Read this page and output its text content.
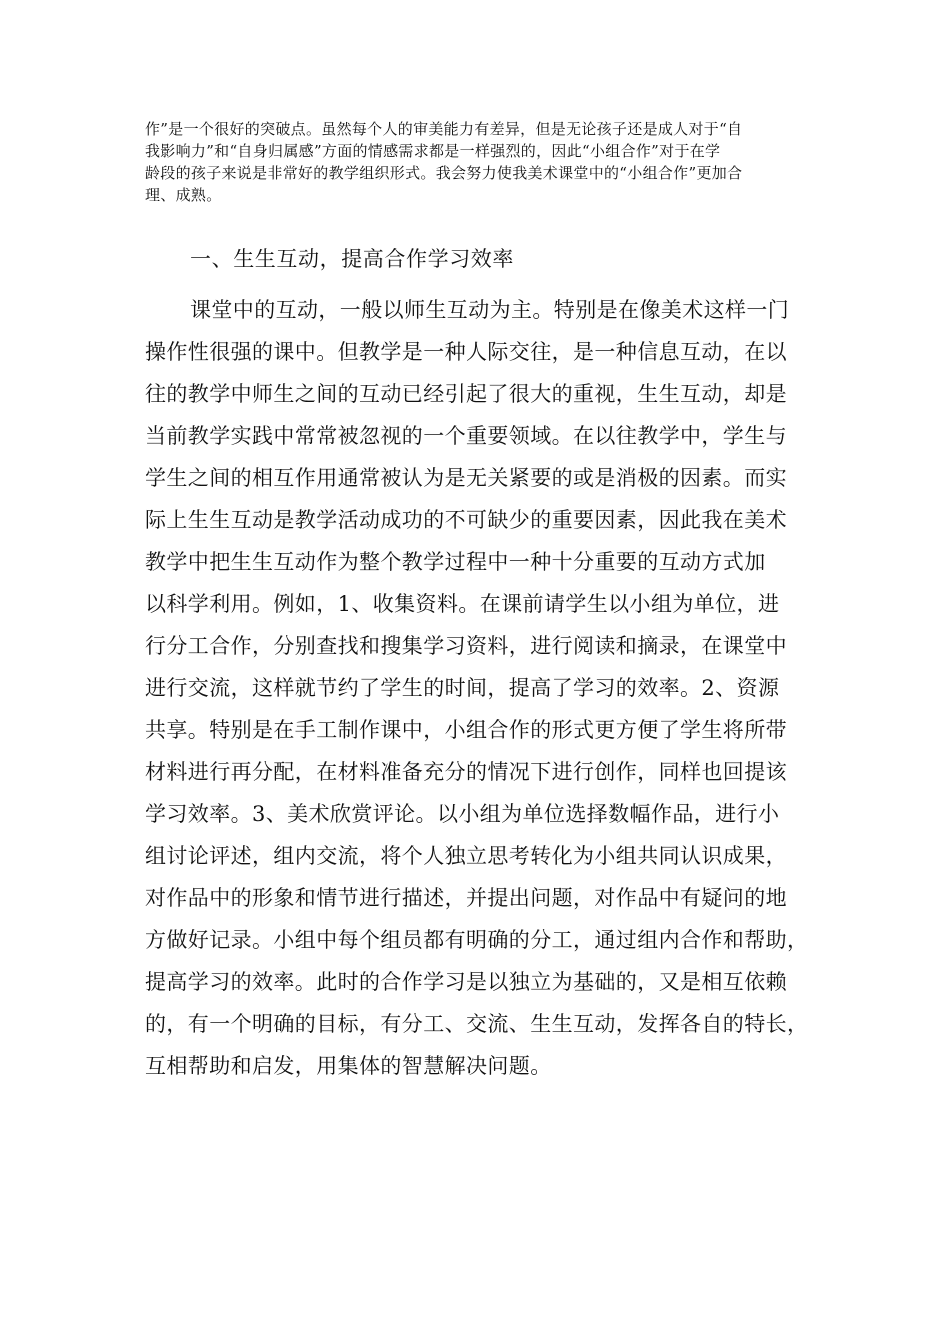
作”是一个很好的突破点。虽然每个人的审美能力有差异，但是无论孩子还是成人对于“自
我影响力”和“自身归属感”方面的情感需求都是一样强烈的，因此“小组合作”对于在学
龄段的孩子来说是非常好的教学组织形式。我会努力使我美术课堂中的“小组合作”更加合
理、成熟。
一、生生互动，提高合作学习效率
课堂中的互动，一般以师生互动为主。特别是在像美术这样一门
操作性很强的课中。但教学是一种人际交往，是一种信息互动，在以
往的教学中师生之间的互动已经引起了很大的重视，生生互动，却是
当前教学实践中常常被忽视的一个重要领域。在以往教学中，学生与
学生之间的相互作用通常被认为是无关紧要的或是消极的因素。而实
际上生生互动是教学活动成功的不可缺少的重要因素，因此我在美术
教学中把生生互动作为整个教学过程中一种十分重要的互动方式加
以科学利用。例如，1、收集资料。在课前请学生以小组为单位，进
行分工合作，分别查找和搜集学习资料，进行阅读和摘录，在课堂中
进行交流，这样就节约了学生的时间，提高了学习的效率。2、资源
共享。特别是在手工制作课中，小组合作的形式更方便了学生将所带
材料进行再分配，在材料准备充分的情况下进行创作，同样也回提该
学习效率。3、美术欣赏评论。以小组为单位选择数幅作品，进行小
组讨论评述，组内交流，将个人独立思考转化为小组共同认识成果，
对作品中的形象和情节进行描述，并提出问题，对作品中有疑问的地
方做好记录。小组中每个组员都有明确的分工，通过组内合作和帮助，
提高学习的效率。此时的合作学习是以独立为基础的，又是相互依赖
的，有一个明确的目标，有分工、交流、生生互动，发挥各自的特长，
互相帮助和启发，用集体的智慧解决问题。
